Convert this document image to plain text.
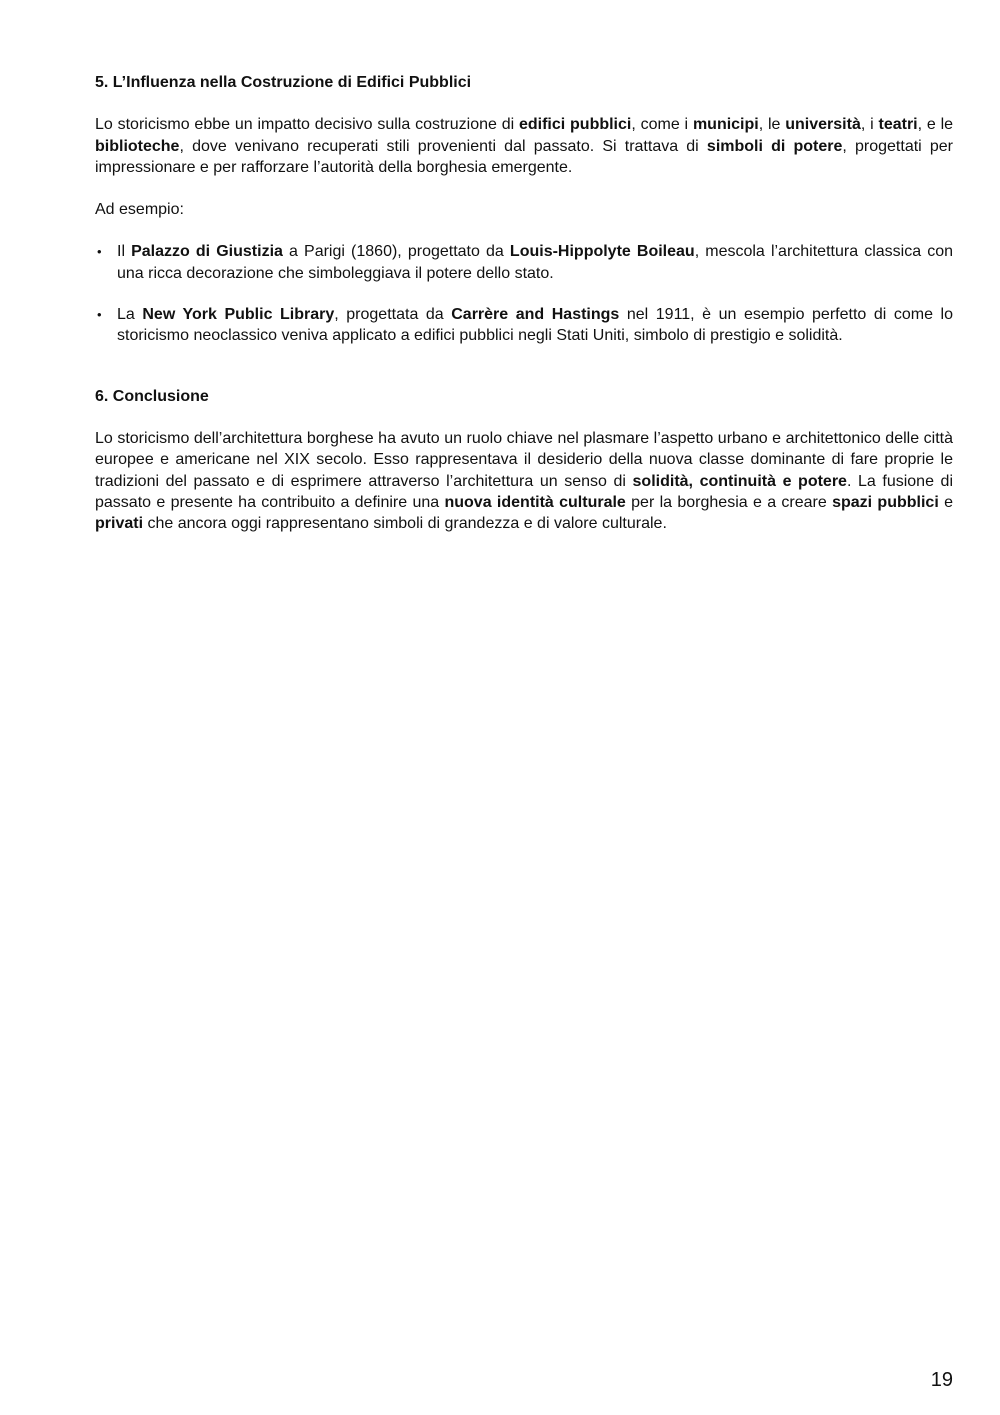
5. L’Influenza nella Costruzione di Edifici Pubblici

Lo storicismo ebbe un impatto decisivo sulla costruzione di edifici pubblici, come i municipi, le università, i teatri, e le biblioteche, dove venivano recuperati stili provenienti dal passato. Si trattava di simboli di potere, progettati per impressionare e per rafforzare l’autorità della borghesia emergente.

Ad esempio:

• Il Palazzo di Giustizia a Parigi (1860), progettato da Louis-Hippolyte Boileau, mescola l’architettura classica con una ricca decorazione che simboleggiava il potere dello stato.
• La New York Public Library, progettata da Carrère and Hastings nel 1911, è un esempio perfetto di come lo storicismo neoclassico veniva applicato a edifici pubblici negli Stati Uniti, simbolo di prestigio e solidità.

6. Conclusione

Lo storicismo dell’architettura borghese ha avuto un ruolo chiave nel plasmare l’aspetto urbano e architettonico delle città europee e americane nel XIX secolo. Esso rappresentava il desiderio della nuova classe dominante di fare proprie le tradizioni del passato e di esprimere attraverso l’architettura un senso di solidità, continuità e potere. La fusione di passato e presente ha contribuito a definire una nuova identità culturale per la borghesia e a creare spazi pubblici e privati che ancora oggi rappresentano simboli di grandezza e di valore culturale.

19
